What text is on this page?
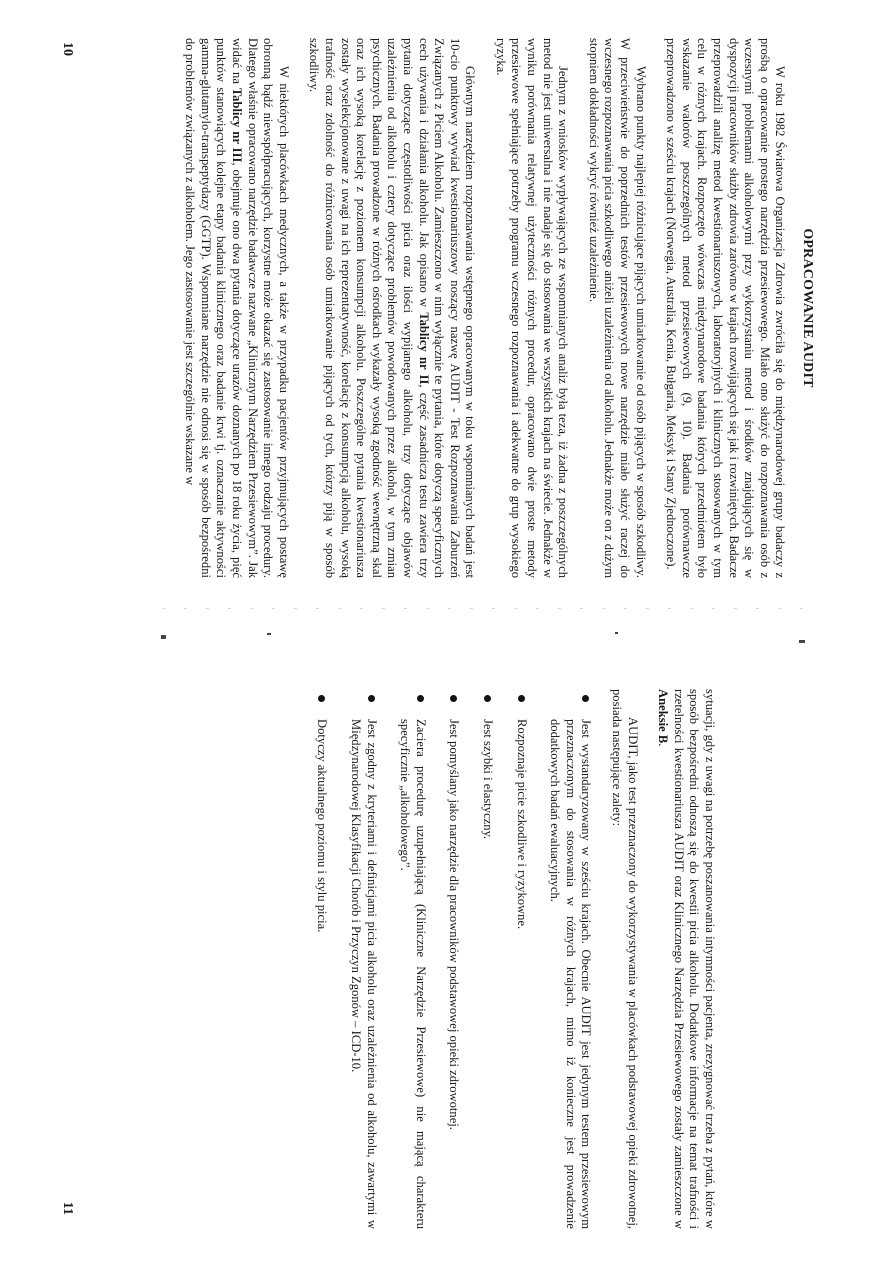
OPRACOWANIE AUDIT

W roku 1982 Światowa Organizacja Zdrowia zwróciła się do międzynarodowej grupy badaczy z prośbą o opracowanie prostego narzędzia przesiewowego. Miało ono służyć do rozpoznawania osób z wczesnymi problemami alkoholowymi przy wykorzystaniu metod i środków znajdujących się w dyspozycji pracowników służby zdrowia zarówno w krajach rozwijających się jak i rozwiniętych. Badacze przeprowadzili analizę metod kwestionariuszowych, laboratoryjnych i klinicznych stosowanych w tym celu w różnych krajach. Rozpoczęto wówczas międzynarodowe badania których przedmiotem było wskazanie walorów poszczególnych metod przesiewowych (9, 10). Badania porównawcze przeprowadzono w sześciu krajach (Norwegia, Australia, Kenia, Bułgaria, Meksyk i Stany Zjednoczone).

Wybrano punkty najlepiej różnicujące pijących umiarkowanie od osób pijących w sposób szkodliwy. W przeciwieństwie do poprzednich testów przesiewowych nowe narzędzie miało służyć raczej do wczesnego rozpoznawania picia szkodliwego aniżeli uzależnienia od alkoholu. Jednakże może on z dużym stopniem dokładności wykryć również uzależnienie.

Jednym z wniosków wypływających ze wspomnianych analiz była teza, iż żadna z poszczególnych metod nie jest uniwersalna i nie nadaje się do stosowania we wszystkich krajach na świecie. Jednakże w wyniku porównania relatywnej użyteczności różnych procedur, opracowano dwie proste metody przesiewowe spełniające potrzeby programu wczesnego rozpoznawania i adekwatne do grup wysokiego ryzyka.

Głównym narzędziem rozpoznawania wstępnego opracowanym w toku wspomnianych badań jest 10-cio punktowy wywiad kwestionariuszowy noszący nazwę AUDIT - Test Rozpoznawania Zaburzeń Związanych z Piciem Alkoholu. Zamieszczono w nim wyłącznie te pytania, które dotyczą specyficznych cech używania i działania alkoholu. Jak opisano w Tablicy nr II, część zasadnicza testu zawiera trzy pytania dotyczące częstotliwości picia oraz ilości wypijanego alkoholu, trzy dotyczące objawów uzależnienia od alkoholu i cztery dotyczące problemów powodowanych przez alkohol, w tym zmian psychicznych. Badania prowadzone w różnych ośrodkach wykazały wysoką zgodność wewnętrzną skal oraz ich wysoką korelację z poziomem konsumpcji alkoholu. Poszczególne pytania kwestionariusza zostały wyselekcjonowane z uwagi na ich reprezentatywność, korelację z konsumpcją alkoholu, wysoką trafność oraz zdolność do różnicowania osób umiarkowanie pijących od tych, którzy piją w sposób szkodliwy.

W niektórych placówkach medycznych, a także w przypadku pacjentów przyjmujących postawę obronną bądź niewspółpracujących, korzystne może okazać się zastosowanie innego rodzaju procedury. Dlatego właśnie opracowano narzędzie badawcze nazwane „Klinicznym Narzędziem Przesiewowym”. Jak widać na Tablicy nr III, obejmuje ono dwa pytania dotyczące urazów doznanych po 18 roku życia, pięć punktów stanowiących kolejne etapy badania klinicznego oraz badanie krwi tj. oznaczanie aktywności gamma-glutamylo-transpeptydazy (GGTP). Wspomniane narzędzie nie odnosi się w sposób bezpośredni do problemów związanych z alkoholem. Jego zastosowanie jest szczególnie wskazane w

10

sytuacji, gdy z uwagi na potrzebę poszanowania intymności pacjenta, zrezygnować trzeba z pytań, które w sposób bezpośredni odnoszą się do kwestii picia alkoholu. Dodatkowe informacje na temat trafności i rzetelności kwestionariusza AUDIT oraz Klinicznego Narzędzia Przesiewowego zostały zamieszczone w Aneksie B.

AUDIT, jako test przeznaczony do wykorzystywania w placówkach podstawowej opieki zdrowotnej, posiada następujące zalety:

Jest wystandaryzowany w sześciu krajach. Obecnie AUDIT jest jedynym testem przesiewowym przeznaczonym do stosowania w różnych krajach, mimo iż konieczne jest prowadzenie dodatkowych badań ewaluacyjnych.
Rozpoznaje picie szkodliwe i ryzykowne.
Jest szybki i elastyczny.
Jest pomyślany jako narzędzie dla pracowników podstawowej opieki zdrowotnej.
Zaciera procedurę uzupełniającą (Kliniczne Narzędzie Przesiewowe) nie mającą charakteru specyficznie „alkoholowego”.
Jest zgodny z kryteriami i definicjami picia alkoholu oraz uzależnienia od alkoholu, zawartymi w Międzynarodowej Klasyfikacji Chorób i Przyczyn Zgonów – ICD-10.
Dotyczy aktualnego poziomu i stylu picia.
11
